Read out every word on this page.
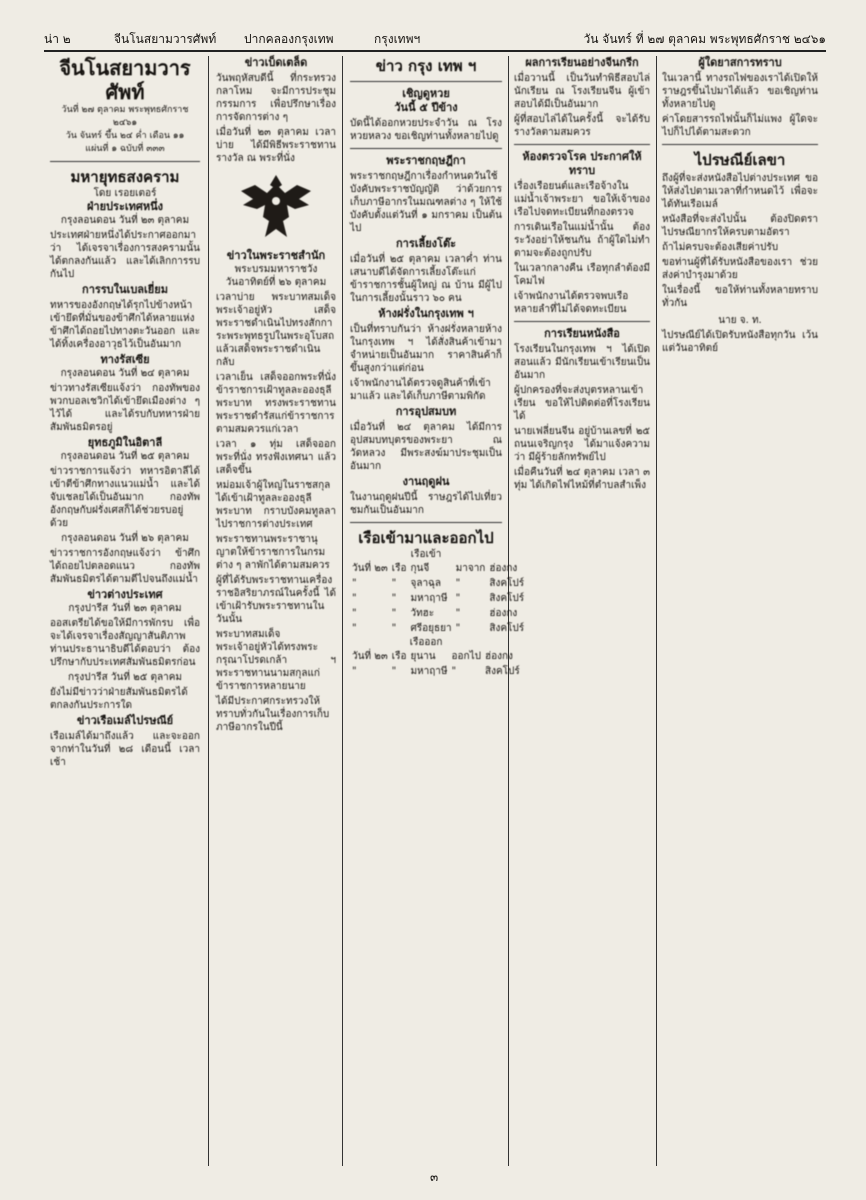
น่า ๒	จีนโนสยามวารศัพท์ ปากคลองกรุงเทพ	กรุงเทพฯ	วัน จันทร์ ที่ ๒๗ ตุลาคม พระพุทธศักราช ๒๔๖๑
จีนโนสยามวารศัพท์
วันที่ ๒๗ ตุลาคม พระพุทธศักราช ๒๔๖๑
วัน จันทร์ ขึ้น ๒๔ ค่ำ เดือน ๑๑
แผ่นที่ ๑ ฉบับที่ ๓๓๓
มหายุทธสงคราม
โดย เรอยเตอร์
ฝ่ายประเทศหนึ่ง
กรุงลอนดอน วันที่ ๒๓ ตุลาคม
ประเทศฝ่ายหนึ่งได้ประกาศออกมาว่า ได้เจรจาเรื่องการสงครามนั้น ได้ตกลงกันแล้ว และได้เลิกการรบกันไป
การรบในเบลเยี่ยม
ทหารของอังกฤษได้รุกไปข้างหน้า เข้ายึดที่มั่นของข้าศึกได้หลายแห่ง ข้าศึกได้ถอยไปทางตะวันออก และได้ทิ้งเครื่องอาวุธไว้เป็นอันมาก
ทางรัสเซีย
กรุงลอนดอน วันที่ ๒๔ ตุลาคม
ข่าวทางรัสเซียแจ้งว่า กองทัพของพวกบอลเชวิกได้เข้ายึดเมืองต่าง ๆ ไว้ได้ และได้รบกับทหารฝ่ายสัมพันธมิตรอยู่
ยุทธภูมิในอิตาลี
กรุงลอนดอน วันที่ ๒๕ ตุลาคม
ข่าวราชการแจ้งว่า ทหารอิตาลีได้เข้าตีข้าศึกทางแนวแม่น้ำ และได้จับเชลยได้เป็นอันมาก กองทัพอังกฤษกับฝรั่งเศสก็ได้ช่วยรบอยู่ด้วย
กรุงลอนดอน วันที่ ๒๖ ตุลาคม
ข่าวราชการอังกฤษแจ้งว่า ข้าศึกได้ถอยไปตลอดแนว กองทัพสัมพันธมิตรได้ตามตีไปจนถึงแม่น้ำ
ข่าวต่างประเทศ
กรุงปารีส วันที่ ๒๓ ตุลาคม
ออสเตรียได้ขอให้มีการพักรบ เพื่อจะได้เจรจาเรื่องสัญญาสันติภาพ ท่านประธานาธิบดีได้ตอบว่า ต้องปรึกษากับประเทศสัมพันธมิตรก่อน
กรุงปารีส วันที่ ๒๕ ตุลาคม
ยังไม่มีข่าวว่าฝ่ายสัมพันธมิตรได้ตกลงกันประการใด
ข่าวเรือเมล์ไปรษณีย์
เรือเมล์ได้มาถึงแล้ว และจะออกจากท่าในวันที่ ๒๘ เดือนนี้ เวลาเช้า
ข่าวเบ็ดเตล็ด
วันพฤหัสบดีนี้ ที่กระทรวงกลาโหม จะมีการประชุมกรรมการ เพื่อปรึกษาเรื่องการจัดการต่าง ๆ
เมื่อวันที่ ๒๓ ตุลาคม เวลาบ่าย ได้มีพิธีพระราชทานรางวัล ณ พระที่นั่ง
ข่าวในพระราชสำนัก
พระบรมมหาราชวัง
วันอาทิตย์ที่ ๒๖ ตุลาคม
เวลาบ่าย พระบาทสมเด็จพระเจ้าอยู่หัว เสด็จพระราชดำเนินไปทรงสักการะพระพุทธรูปในพระอุโบสถ แล้วเสด็จพระราชดำเนินกลับ
เวลาเย็น เสด็จออกพระที่นั่ง ข้าราชการเฝ้าทูลละอองธุลีพระบาท ทรงพระราชทานพระราชดำรัสแก่ข้าราชการ ตามสมควรแก่เวลา
เวลา ๑ ทุ่ม เสด็จออกพระที่นั่ง ทรงฟังเทศนา แล้วเสด็จขึ้น
หม่อมเจ้าผู้ใหญ่ในราชสกุล ได้เข้าเฝ้าทูลละอองธุลีพระบาท กราบบังคมทูลลาไปราชการต่างประเทศ
พระราชทานพระราชานุญาตให้ข้าราชการในกรมต่าง ๆ ลาพักได้ตามสมควร
ผู้ที่ได้รับพระราชทานเครื่องราชอิสริยาภรณ์ในครั้งนี้ ได้เข้าเฝ้ารับพระราชทานในวันนั้น
พระบาทสมเด็จพระเจ้าอยู่หัวได้ทรงพระกรุณาโปรดเกล้า ฯ พระราชทานนามสกุลแก่ข้าราชการหลายนาย
ได้มีประกาศกระทรวงให้ทราบทั่วกันในเรื่องการเก็บภาษีอากรในปีนี้
ข่าว กรุง เทพ ฯ
เชิญดูหวย
วันนี้ ๕ ปีข้าง
บัดนี้ได้ออกหวยประจำวัน ณ โรงหวยหลวง ขอเชิญท่านทั้งหลายไปดู
พระราชกฤษฎีกา
พระราชกฤษฎีกาเรื่องกำหนดวันใช้บังคับพระราชบัญญัติ ว่าด้วยการเก็บภาษีอากรในมณฑลต่าง ๆ ให้ใช้บังคับตั้งแต่วันที่ ๑ มกราคม เป็นต้นไป
การเลี้ยงโต๊ะ
เมื่อวันที่ ๒๕ ตุลาคม เวลาค่ำ ท่านเสนาบดีได้จัดการเลี้ยงโต๊ะแก่ข้าราชการชั้นผู้ใหญ่ ณ บ้าน มีผู้ไปในการเลี้ยงนั้นราว ๖๐ คน
ห้างฝรั่งในกรุงเทพ ฯ
เป็นที่ทราบกันว่า ห้างฝรั่งหลายห้างในกรุงเทพ ฯ ได้สั่งสินค้าเข้ามาจำหน่ายเป็นอันมาก ราคาสินค้าก็ขึ้นสูงกว่าแต่ก่อน
เจ้าพนักงานได้ตรวจดูสินค้าที่เข้ามาแล้ว และได้เก็บภาษีตามพิกัด
การอุปสมบท
เมื่อวันที่ ๒๔ ตุลาคม ได้มีการอุปสมบทบุตรของพระยา ณ วัดหลวง มีพระสงฆ์มาประชุมเป็นอันมาก
งานฤดูฝน
ในงานฤดูฝนปีนี้ ราษฎรได้ไปเที่ยวชมกันเป็นอันมาก
เรือเข้ามาและออกไป
เรือเข้า
วันที่ ๒๓	เรือ	กุนจี	มาจาก	ฮ่องกง
"	"	จุลาฉุล	"	สิงคโปร์
"	"	มหาฤาษี	"	สิงคโปร์
"	"	วัทฮะ	"	ฮ่องกง
"	"	ศรีอยุธยา	"	สิงคโปร์
เรือออก
วันที่ ๒๓	เรือ	ยุนาน	ออกไป	ฮ่องกง
"	"	มหาฤาษี	"	สิงคโปร์
ผลการเรียนอย่างจีนกรีก
เมื่อวานนี้ เป็นวันทำพิธีสอบไล่นักเรียน ณ โรงเรียนจีน ผู้เข้าสอบได้มีเป็นอันมาก
ผู้ที่สอบไล่ได้ในครั้งนี้ จะได้รับรางวัลตามสมควร
ห้องตรวจโรค ประกาศให้ทราบ
เรื่องเรือยนต์และเรือจ้างในแม่น้ำเจ้าพระยา ขอให้เจ้าของเรือไปจดทะเบียนที่กองตรวจ
การเดินเรือในแม่น้ำนั้น ต้องระวังอย่าให้ชนกัน ถ้าผู้ใดไม่ทำตามจะต้องถูกปรับ
ในเวลากลางคืน เรือทุกลำต้องมีโคมไฟ
เจ้าพนักงานได้ตรวจพบเรือหลายลำที่ไม่ได้จดทะเบียน
การเรียนหนังสือ
โรงเรียนในกรุงเทพ ฯ ได้เปิดสอนแล้ว มีนักเรียนเข้าเรียนเป็นอันมาก
ผู้ปกครองที่จะส่งบุตรหลานเข้าเรียน ขอให้ไปติดต่อที่โรงเรียนได้
นายเฟลี่ยนจีน อยู่บ้านเลขที่ ๒๕ ถนนเจริญกรุง ได้มาแจ้งความว่า มีผู้ร้ายลักทรัพย์ไป
เมื่อคืนวันที่ ๒๔ ตุลาคม เวลา ๓ ทุ่ม ได้เกิดไฟไหม้ที่ตำบลสำเพ็ง
ผู้ใดยาสการทราบ
ในเวลานี้ ทางรถไฟของเราได้เปิดให้ราษฎรขึ้นไปมาได้แล้ว ขอเชิญท่านทั้งหลายไปดู
ค่าโดยสารรถไฟนั้นก็ไม่แพง ผู้ใดจะไปก็ไปได้ตามสะดวก
ไปรษณีย์เลขา
ถึงผู้ที่จะส่งหนังสือไปต่างประเทศ ขอให้ส่งไปตามเวลาที่กำหนดไว้ เพื่อจะได้ทันเรือเมล์
หนังสือที่จะส่งไปนั้น ต้องปิดตราไปรษณียากรให้ครบตามอัตรา
ถ้าไม่ครบจะต้องเสียค่าปรับ
ขอท่านผู้ที่ได้รับหนังสือของเรา ช่วยส่งค่าบำรุงมาด้วย
ในเรื่องนี้ ขอให้ท่านทั้งหลายทราบทั่วกัน
นาย จ. ท.
ไปรษณีย์ได้เปิดรับหนังสือทุกวัน เว้นแต่วันอาทิตย์
๓
